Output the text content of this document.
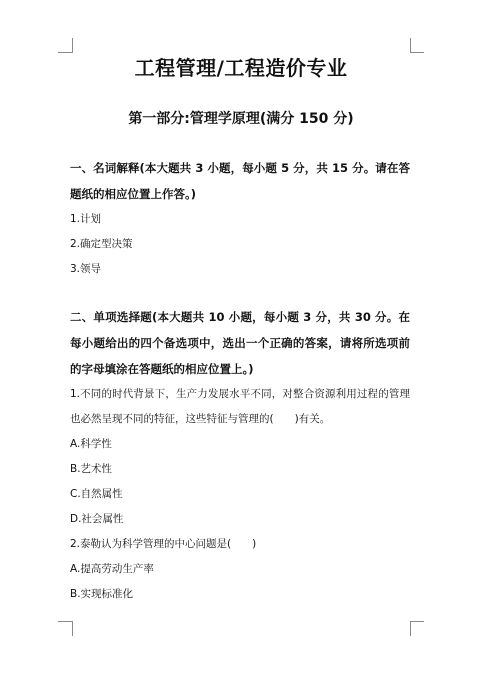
工程管理/工程造价专业
第一部分:管理学原理(满分 150 分)

一、名词解释(本大题共 3 小题，每小题 5 分，共 15 分。请在答题纸的相应位置上作答。)

1.计划

2.确定型决策

3.领导

二、单项选择题(本大题共 10 小题，每小题 3 分，共 30 分。在每小题给出的四个备选项中，选出一个正确的答案，请将所选项前的字母填涂在答题纸的相应位置上。)

1.不同的时代背景下，生产力发展水平不同，对整合资源利用过程的管理也必然呈现不同的特征，这些特征与管理的(　　)有关。

A.科学性

B.艺术性

C.自然属性

D.社会属性

2.泰勒认为科学管理的中心问题是(　　)

A.提高劳动生产率

B.实现标准化
